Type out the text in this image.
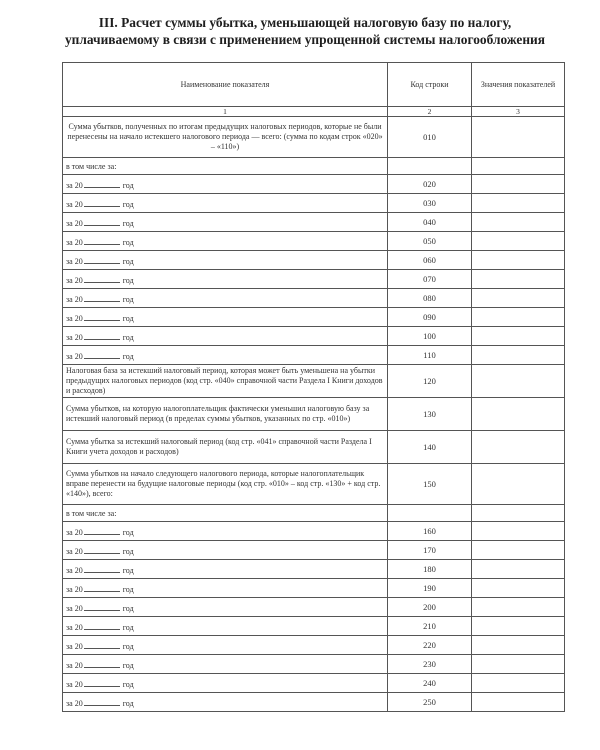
III. Расчет суммы убытка, уменьшающей налоговую базу по налогу,
уплачиваемому в связи с применением упрощенной системы налогообложения
Наименование показателя	Код строки	Значения показателей
1	2	3
Сумма убытков, полученных по итогам предыдущих налоговых периодов, которые не были перенесены на начало истекшего налогового периода — всего: (сумма по кодам строк «020» – «110»)	010	
в том числе за:		
за 20 год	020	
за 20 год	030	
за 20 год	040	
за 20 год	050	
за 20 год	060	
за 20 год	070	
за 20 год	080	
за 20 год	090	
за 20 год	100	
за 20 год	110	
Налоговая база за истекший налоговый период, которая может быть уменьшена на убытки предыдущих налоговых периодов (код стр. «040» справочной части Раздела I Книги доходов и расходов)	120	
Сумма убытков, на которую налогоплательщик фактически уменьшил налоговую базу за истекший налоговый период (в пределах суммы убытков, указанных по стр. «010»)	130	
Сумма убытка за истекший налоговый период (код стр. «041» справочной части Раздела I Книги учета доходов и расходов)	140	
Сумма убытков на начало следующего налогового периода, которые налогоплательщик вправе перенести на будущие налоговые периоды (код стр. «010» – код стр. «130» + код стр. «140»), всего:	150	
в том числе за:		
за 20 год	160	
за 20 год	170	
за 20 год	180	
за 20 год	190	
за 20 год	200	
за 20 год	210	
за 20 год	220	
за 20 год	230	
за 20 год	240	
за 20 год	250	
